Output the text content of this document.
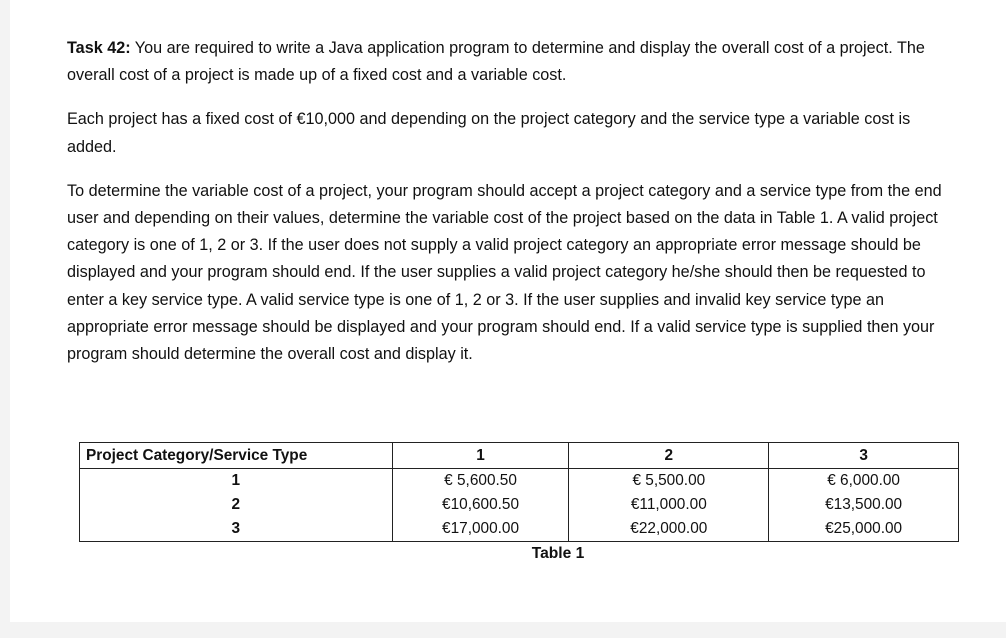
Task 42: You are required to write a Java application program to determine and display the overall cost of a project. The overall cost of a project is made up of a fixed cost and a variable cost.

Each project has a fixed cost of €10,000 and depending on the project category and the service type a variable cost is added.

To determine the variable cost of a project, your program should accept a project category and a service type from the end user and depending on their values, determine the variable cost of the project based on the data in Table 1. A valid project category is one of 1, 2 or 3. If the user does not supply a valid project category an appropriate error message should be displayed and your program should end. If the user supplies a valid project category he/she should then be requested to enter a key service type. A valid service type is one of 1, 2 or 3. If the user supplies and invalid key service type an appropriate error message should be displayed and your program should end. If a valid service type is supplied then your program should determine the overall cost and display it.

Project Category/Service Type	1	2	3
1	€ 5,600.50	€ 5,500.00	€ 6,000.00
2	€10,600.50	€11,000.00	€13,500.00
3	€17,000.00	€22,000.00	€25,000.00
Table 1
